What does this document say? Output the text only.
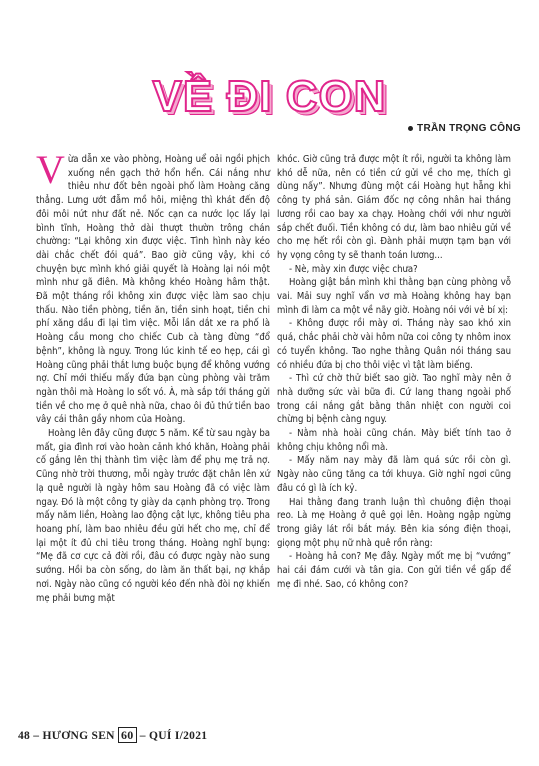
VỀ ĐI CON
TRẦN TRỌNG CÔNG

Vừa dẫn xe vào phòng, Hoàng uể oải ngồi phịch xuống nền gạch thở hổn hển. Cái nắng như thiêu như đốt bên ngoài phố làm Hoàng căng thẳng. Lưng ướt đẫm mồ hôi, miệng thì khát đến độ đôi môi nứt như đất nẻ. Nốc cạn ca nước lọc lấy lại bình tĩnh, Hoàng thở dài thượt thườn trông chán chường: “Lại không xin được việc. Tình hình này kéo dài chắc chết đói quá”. Bao giờ cũng vậy, khi có chuyện bực mình khó giải quyết là Hoàng lại nói một mình như gã điên. Mà không khéo Hoàng hâm thật. Đã một tháng rồi không xin được việc làm sao chịu thấu. Nào tiền phòng, tiền ăn, tiền sinh hoạt, tiền chi phí xăng dầu đi lại tìm việc. Mỗi lần dắt xe ra phố là Hoàng cầu mong cho chiếc Cub cà tàng đừng “đổ bệnh”, không là nguy. Trong lúc kinh tế eo hẹp, cái gì Hoàng cũng phải thắt lưng buộc bụng để không vướng nợ. Chỉ mới thiếu mấy đứa bạn cùng phòng vài trăm ngàn thôi mà Hoàng lo sốt vó. À, mà sắp tới tháng gửi tiền về cho mẹ ở quê nhà nữa, chao ôi đủ thứ tiền bao vây cái thân gầy nhom của Hoàng.

Hoàng lên đây cũng được 5 năm. Kể từ sau ngày ba mất, gia đình rơi vào hoàn cảnh khó khăn, Hoàng phải cố gắng lên thị thành tìm việc làm để phụ mẹ trả nợ. Cũng nhờ trời thương, mỗi ngày trước đặt chân lên xứ lạ quê người là ngày hôm sau Hoàng đã có việc làm ngay. Đó là một công ty giày da cạnh phòng trọ. Trong mấy năm liền, Hoàng lao động cật lực, không tiêu pha hoang phí, làm bao nhiêu đều gửi hết cho mẹ, chỉ để lại một ít đủ chi tiêu trong tháng. Hoàng nghĩ bụng: “Mẹ đã cơ cực cả đời rồi, đâu có được ngày nào sung sướng. Hồi ba còn sống, do làm ăn thất bại, nợ khắp nơi. Ngày nào cũng có người kéo đến nhà đòi nợ khiến mẹ phải bưng mặt

khóc. Giờ cũng trả được một ít rồi, người ta không làm khó dễ nữa, nên có tiền cứ gửi về cho mẹ, thích gì dùng nấy”. Nhưng đùng một cái Hoàng hụt hẫng khi công ty phá sản. Giám đốc nợ công nhân hai tháng lương rồi cao bay xa chạy. Hoàng chới với như người sắp chết đuối. Tiền không có dư, làm bao nhiêu gửi về cho mẹ hết rồi còn gì. Đành phải mượn tạm bạn với hy vọng công ty sẽ thanh toán lương...

- Nè, mày xin được việc chưa?

Hoàng giật bắn mình khi thằng bạn cùng phòng vỗ vai. Mải suy nghĩ vẩn vơ mà Hoàng không hay bạn mình đi làm ca một về nãy giờ. Hoàng nói với vẻ bí xị:

- Không được rồi mày ơi. Tháng này sao khó xin quá, chắc phải chờ vài hôm nữa coi công ty nhôm inox có tuyển không. Tao nghe thằng Quân nói tháng sau có nhiều đứa bị cho thôi việc vì tật làm biếng.

- Thì cứ chờ thử biết sao giờ. Tao nghĩ mày nên ở nhà dưỡng sức vài bữa đi. Cứ lang thang ngoài phố trong cái nắng gắt bằng thân nhiệt con người coi chừng bị bệnh càng nguy.

- Nằm nhà hoài cũng chán. Mày biết tính tao ở không chịu không nổi mà.

- Mấy năm nay mày đã làm quá sức rồi còn gì. Ngày nào cũng tăng ca tới khuya. Giờ nghỉ ngơi cũng đâu có gì là ích kỷ.

Hai thằng đang tranh luận thì chuông điện thoại reo. Là mẹ Hoàng ở quê gọi lên. Hoàng ngập ngừng trong giây lát rồi bắt máy. Bên kia sóng điện thoại, giọng một phụ nữ nhà quê rồn ràng:

- Hoàng hả con? Mẹ đây. Ngày mốt mẹ bị “vướng” hai cái đám cưới và tân gia. Con gửi tiền về gấp để mẹ đi nhé. Sao, có không con?

48 – HƯƠNG SEN 60 – QUÍ I/2021
